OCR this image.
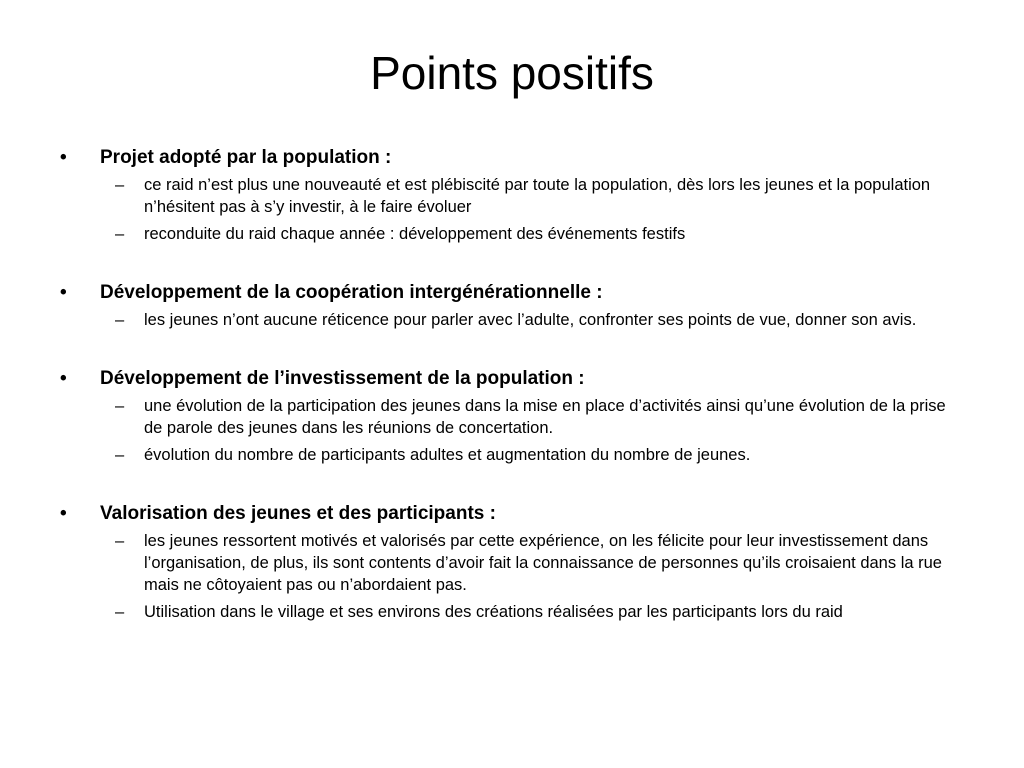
Points positifs
• Projet adopté par la population :
– ce raid n’est plus une nouveauté et est plébiscité par toute la population, dès lors les jeunes et la population n’hésitent pas à s’y investir, à le faire évoluer
– reconduite du raid chaque année : développement des événements festifs
• Développement de la coopération intergénérationnelle :
– les jeunes n’ont aucune réticence pour parler avec l’adulte, confronter ses points de vue, donner son avis.
• Développement de l’investissement de la population :
– une évolution de la participation des jeunes dans la mise en place d’activités ainsi qu’une évolution de la prise de parole des jeunes dans les réunions de concertation.
– évolution du nombre de participants adultes et augmentation du nombre de jeunes.
• Valorisation des jeunes et des participants :
– les jeunes ressortent motivés et valorisés par cette expérience, on les félicite pour leur investissement dans l’organisation, de plus, ils sont contents d’avoir fait la connaissance de personnes qu’ils croisaient dans la rue mais ne côtoyaient pas ou n’abordaient pas.
– Utilisation dans le village et ses environs des créations réalisées par les participants lors du raid
